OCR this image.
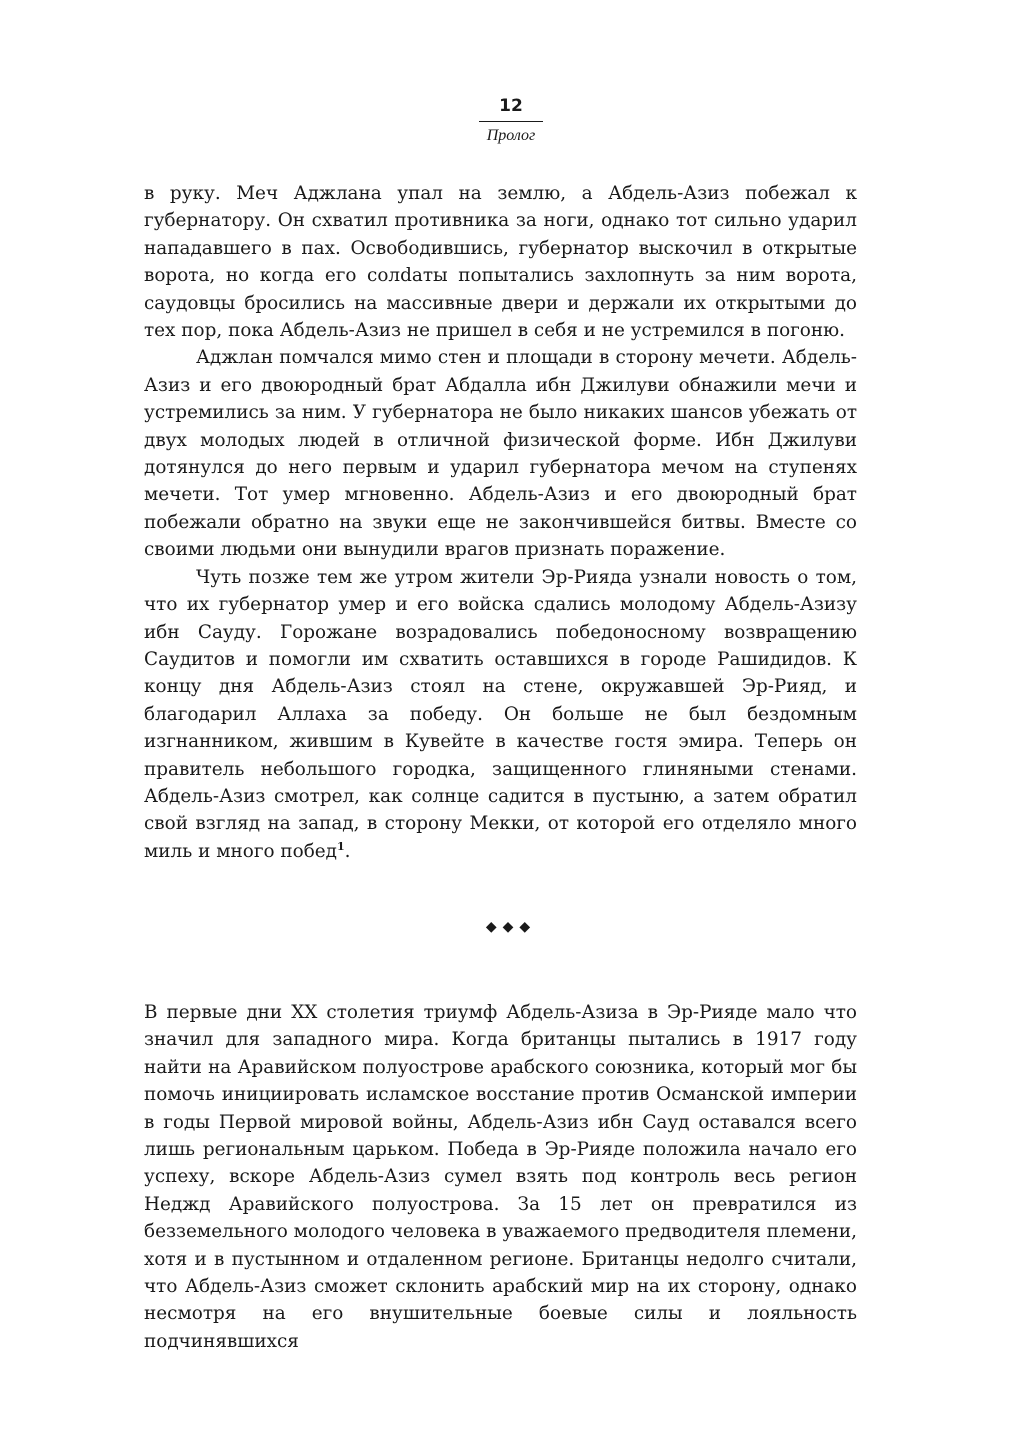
12
Пролог

в руку. Меч Аджлана упал на землю, а Абдель-Азиз побежал к губернатору. Он схватил противника за ноги, однако тот сильно ударил нападавшего в пах. Освободившись, губернатор выскочил в открытые ворота, но когда его солdаты попытались захлопнуть за ним ворота, саудовцы бросились на массивные двери и держали их открытыми до тех пор, пока Абдель-Азиз не пришел в себя и не устремился в погоню.

Аджлан помчался мимо стен и площади в сторону мечети. Абдель-Азиз и его двоюродный брат Абдалла ибн Джилуви обнажили мечи и устремились за ним. У губернатора не было никаких шансов убежать от двух молодых людей в отличной физической форме. Ибн Джилуви дотянулся до него первым и ударил губернатора мечом на ступенях мечети. Тот умер мгновенно. Абдель-Азиз и его двоюродный брат побежали обратно на звуки еще не закончившейся битвы. Вместе со своими людьми они вынудили врагов признать поражение.

Чуть позже тем же утром жители Эр-Рияда узнали новость о том, что их губернатор умер и его войска сдались молодому Абдель-Азизу ибн Сауду. Горожане возрадовались победоносному возвращению Саудитов и помогли им схватить оставшихся в городе Рашидидов. К концу дня Абдель-Азиз стоял на стене, окружавшей Эр-Рияд, и благодарил Аллаха за победу. Он больше не был бездомным изгнанником, жившим в Кувейте в качестве гостя эмира. Теперь он правитель небольшого городка, защищенного глиняными стенами. Абдель-Азиз смотрел, как солнце садится в пустыню, а затем обратил свой взгляд на запад, в сторону Мекки, от которой его отделяло много миль и много побед$^1$.

◆◆◆

В первые дни XX столетия триумф Абдель-Азиза в Эр-Рияде мало что значил для западного мира. Когда британцы пытались в 1917 году найти на Аравийском полуострове арабского союзника, который мог бы помочь инициирoвать исламское восстание против Османской империи в годы Первой мировой войны, Абдель-Азиз ибн Сауд оставался всего лишь региональным царьком. Победа в Эр-Рияде положила начало его успеху, вскоре Абдель-Азиз сумел взять под контроль весь регион Неджд Аравийского полуострова. За 15 лет он превратился из безземельного молодого человека в уважаемого предводителя племени, хотя и в пустынном и отдаленном регионе. Британцы недолго считали, что Абдель-Азиз сможет склонить арабский мир на их сторону, однако несмотря на его внушительные боевые силы и лояльность подчинявшихся
